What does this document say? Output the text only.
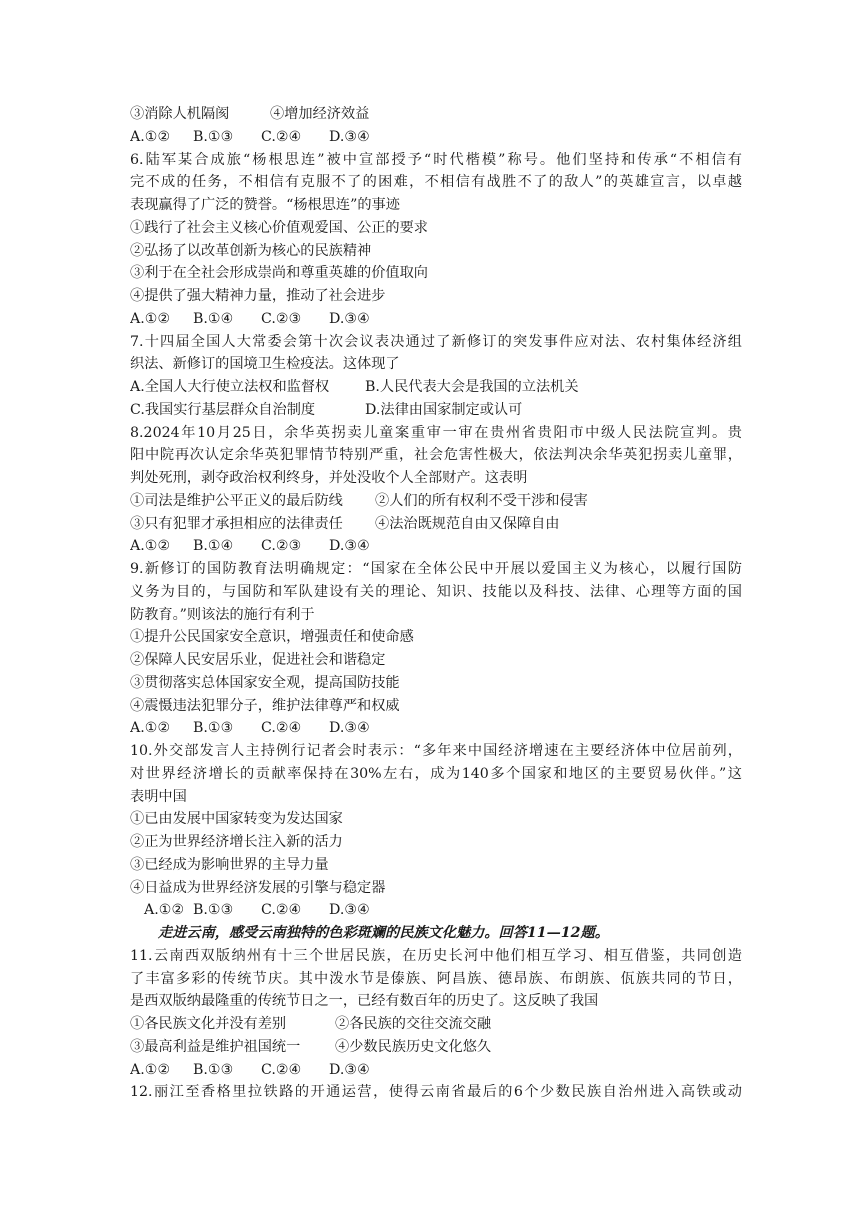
③消除人机隔阂	④增加经济效益
A.①② B.①③ C.②④ D.③④
6.陆军某合成旅“杨根思连”被中宣部授予“时代楷模”称号。他们坚持和传承“不相信有
完不成的任务，不相信有克服不了的困难，不相信有战胜不了的敌人”的英雄宣言，以卓越
表现赢得了广泛的赞誉。“杨根思连”的事迹
①践行了社会主义核心价值观爱国、公正的要求
②弘扬了以改革创新为核心的民族精神
③利于在全社会形成崇尚和尊重英雄的价值取向
④提供了强大精神力量，推动了社会进步
A.①② B.①④ C.②③ D.③④
7.十四届全国人大常委会第十次会议表决通过了新修订的突发事件应对法、农村集体经济组
织法、新修订的国境卫生检疫法。这体现了
A.全国人大行使立法权和监督权	B.人民代表大会是我国的立法机关
C.我国实行基层群众自治制度	D.法律由国家制定或认可
8.2024年10月25日，余华英拐卖儿童案重审一审在贵州省贵阳市中级人民法院宣判。贵
阳中院再次认定余华英犯罪情节特别严重，社会危害性极大，依法判决余华英犯拐卖儿童罪，
判处死刑，剥夺政治权利终身，并处没收个人全部财产。这表明
①司法是维护公平正义的最后防线 ②人们的所有权利不受干涉和侵害
③只有犯罪才承担相应的法律责任 ④法治既规范自由又保障自由
A.①② B.①④ C.②③ D.③④
9.新修订的国防教育法明确规定：“国家在全体公民中开展以爱国主义为核心，以履行国防
义务为目的，与国防和军队建设有关的理论、知识、技能以及科技、法律、心理等方面的国
防教育。”则该法的施行有利于
①提升公民国家安全意识，增强责任和使命感
②保障人民安居乐业，促进社会和谐稳定
③贯彻落实总体国家安全观，提高国防技能
④震慑违法犯罪分子，维护法律尊严和权威
A.①② B.①③ C.②④ D.③④
10.外交部发言人主持例行记者会时表示：“多年来中国经济增速在主要经济体中位居前列，
对世界经济增长的贡献率保持在30%左右，成为140多个国家和地区的主要贸易伙伴。”这
表明中国
①已由发展中国家转变为发达国家
②正为世界经济增长注入新的活力
③已经成为影响世界的主导力量
④日益成为世界经济发展的引擎与稳定器
A.①② B.①③ C.②④ D.③④
走进云南，感受云南独特的色彩斑斓的民族文化魅力。回答11—12题。
11.云南西双版纳州有十三个世居民族，在历史长河中他们相互学习、相互借鉴，共同创造
了丰富多彩的传统节庆。其中泼水节是傣族、阿昌族、德昂族、布朗族、佤族共同的节日，
是西双版纳最隆重的传统节日之一，已经有数百年的历史了。这反映了我国
①各民族文化并没有差别	②各民族的交往交流交融
③最高利益是维护祖国统一 ④少数民族历史文化悠久
A.①② B.①③ C.②④ D.③④
12.丽江至香格里拉铁路的开通运营，使得云南省最后的6个少数民族自治州进入高铁或动
